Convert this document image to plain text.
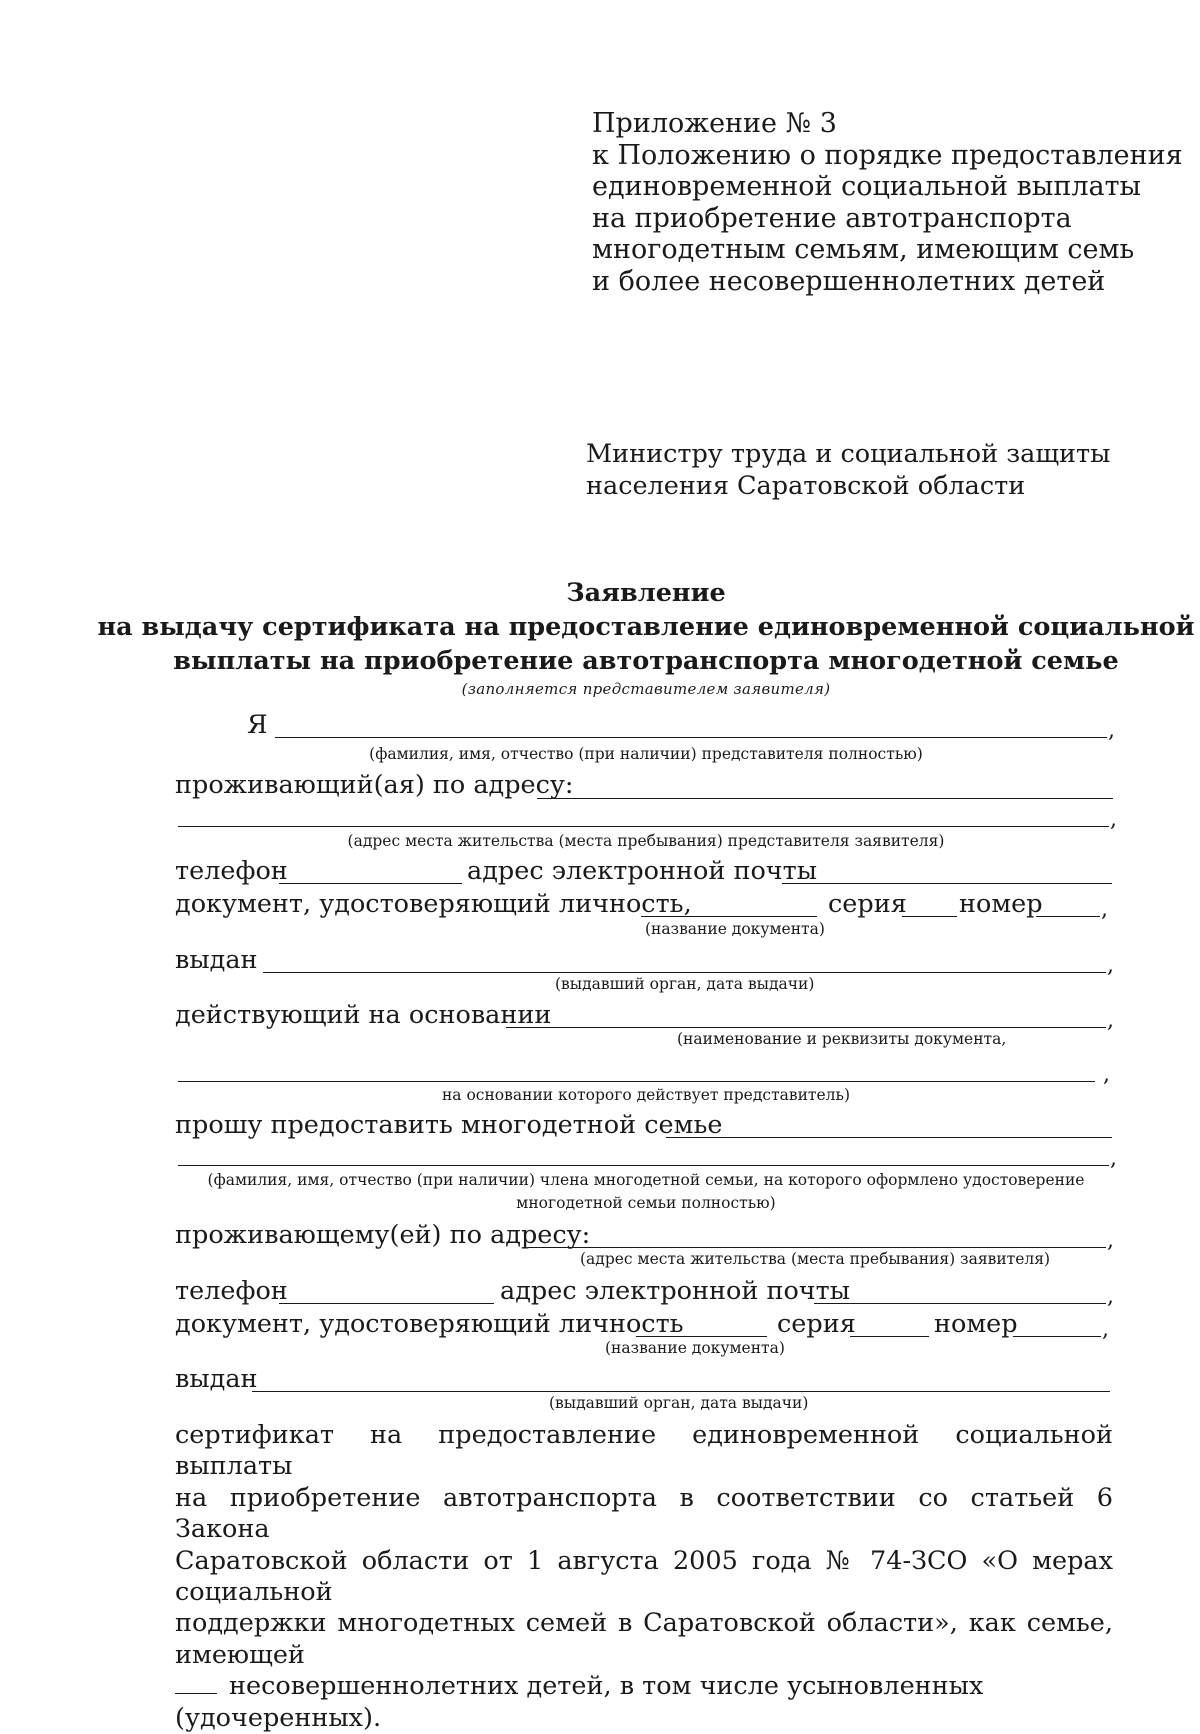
Приложение № 3
к Положению о порядке предоставления
единовременной социальной выплаты
на приобретение автотранспорта
многодетным семьям, имеющим семь
и более несовершеннолетних детей
Министру труда и социальной защиты
населения Саратовской области
Заявление
на выдачу сертификата на предоставление единовременной социальной
выплаты на приобретение автотранспорта многодетной семье
(заполняется представителем заявителя)
Я	,
(фамилия, имя, отчество (при наличии) представителя полностью)
проживающий(ая) по адресу:
,
(адрес места жительства (места пребывания) представителя заявителя)
телефон	адрес электронной почты
документ, удостоверяющий личность,	серия номер	,
(название документа)
выдан	,
(выдавший орган, дата выдачи)
действующий на основании	,
(наименование и реквизиты документа,
,
на основании которого действует представитель)
прошу предоставить многодетной семье
,
(фамилия, имя, отчество (при наличии) члена многодетной семьи, на которого оформлено удостоверение
многодетной семьи полностью)
проживающему(ей) по адресу:	,
(адрес места жительства (места пребывания) заявителя)
телефон	адрес электронной почты	,
документ, удостоверяющий личность	серия	номер	,
(название документа)
выдан
(выдавший орган, дата выдачи)
сертификат на предоставление единовременной социальной выплаты
на приобретение автотранспорта в соответствии со статьей 6 Закона
Саратовской области от 1 августа 2005 года № 74-ЗСО «О мерах социальной
поддержки многодетных семей в Саратовской области», как семье, имеющей
несовершеннолетних детей, в том числе усыновленных (удочеренных).
